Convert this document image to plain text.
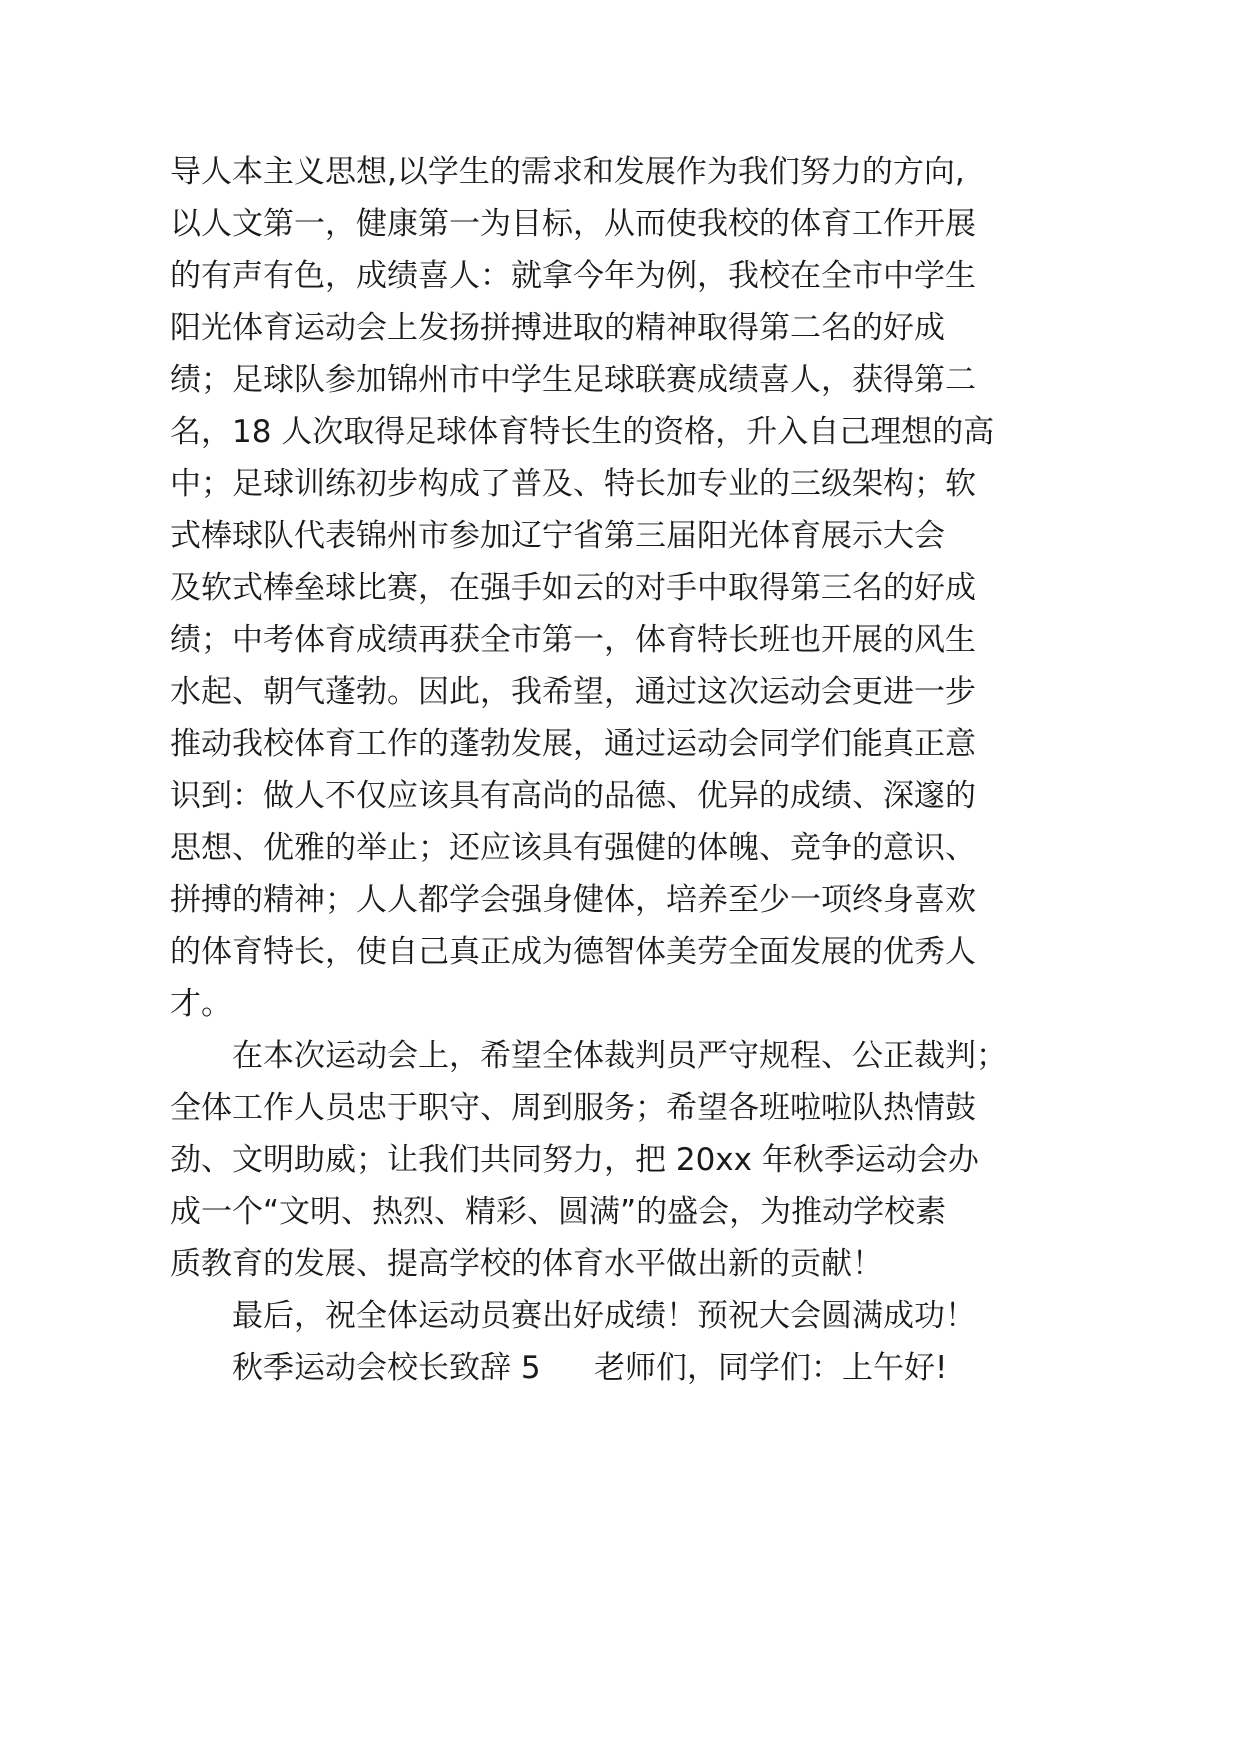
导人本主义思想,以学生的需求和发展作为我们努力的方向,

以人文第一，健康第一为目标，从而使我校的体育工作开展

的有声有色，成绩喜人：就拿今年为例，我校在全市中学生

阳光体育运动会上发扬拼搏进取的精神取得第二名的好成

绩；足球队参加锦州市中学生足球联赛成绩喜人，获得第二

名，18 人次取得足球体育特长生的资格，升入自己理想的高

中；足球训练初步构成了普及、特长加专业的三级架构；软

式棒球队代表锦州市参加辽宁省第三届阳光体育展示大会

及软式棒垒球比赛，在强手如云的对手中取得第三名的好成

绩；中考体育成绩再获全市第一，体育特长班也开展的风生

水起、朝气蓬勃。因此，我希望，通过这次运动会更进一步

推动我校体育工作的蓬勃发展，通过运动会同学们能真正意

识到：做人不仅应该具有高尚的品德、优异的成绩、深邃的

思想、优雅的举止；还应该具有强健的体魄、竞争的意识、

拼搏的精神；人人都学会强身健体，培养至少一项终身喜欢

的体育特长，使自己真正成为德智体美劳全面发展的优秀人

才。

在本次运动会上，希望全体裁判员严守规程、公正裁判；

全体工作人员忠于职守、周到服务；希望各班啦啦队热情鼓

劲、文明助威；让我们共同努力，把 20xx 年秋季运动会办

成一个“文明、热烈、精彩、圆满”的盛会，为推动学校素

质教育的发展、提高学校的体育水平做出新的贡献！

最后，祝全体运动员赛出好成绩！预祝大会圆满成功！

秋季运动会校长致辞 5	老师们，同学们：上午好!
